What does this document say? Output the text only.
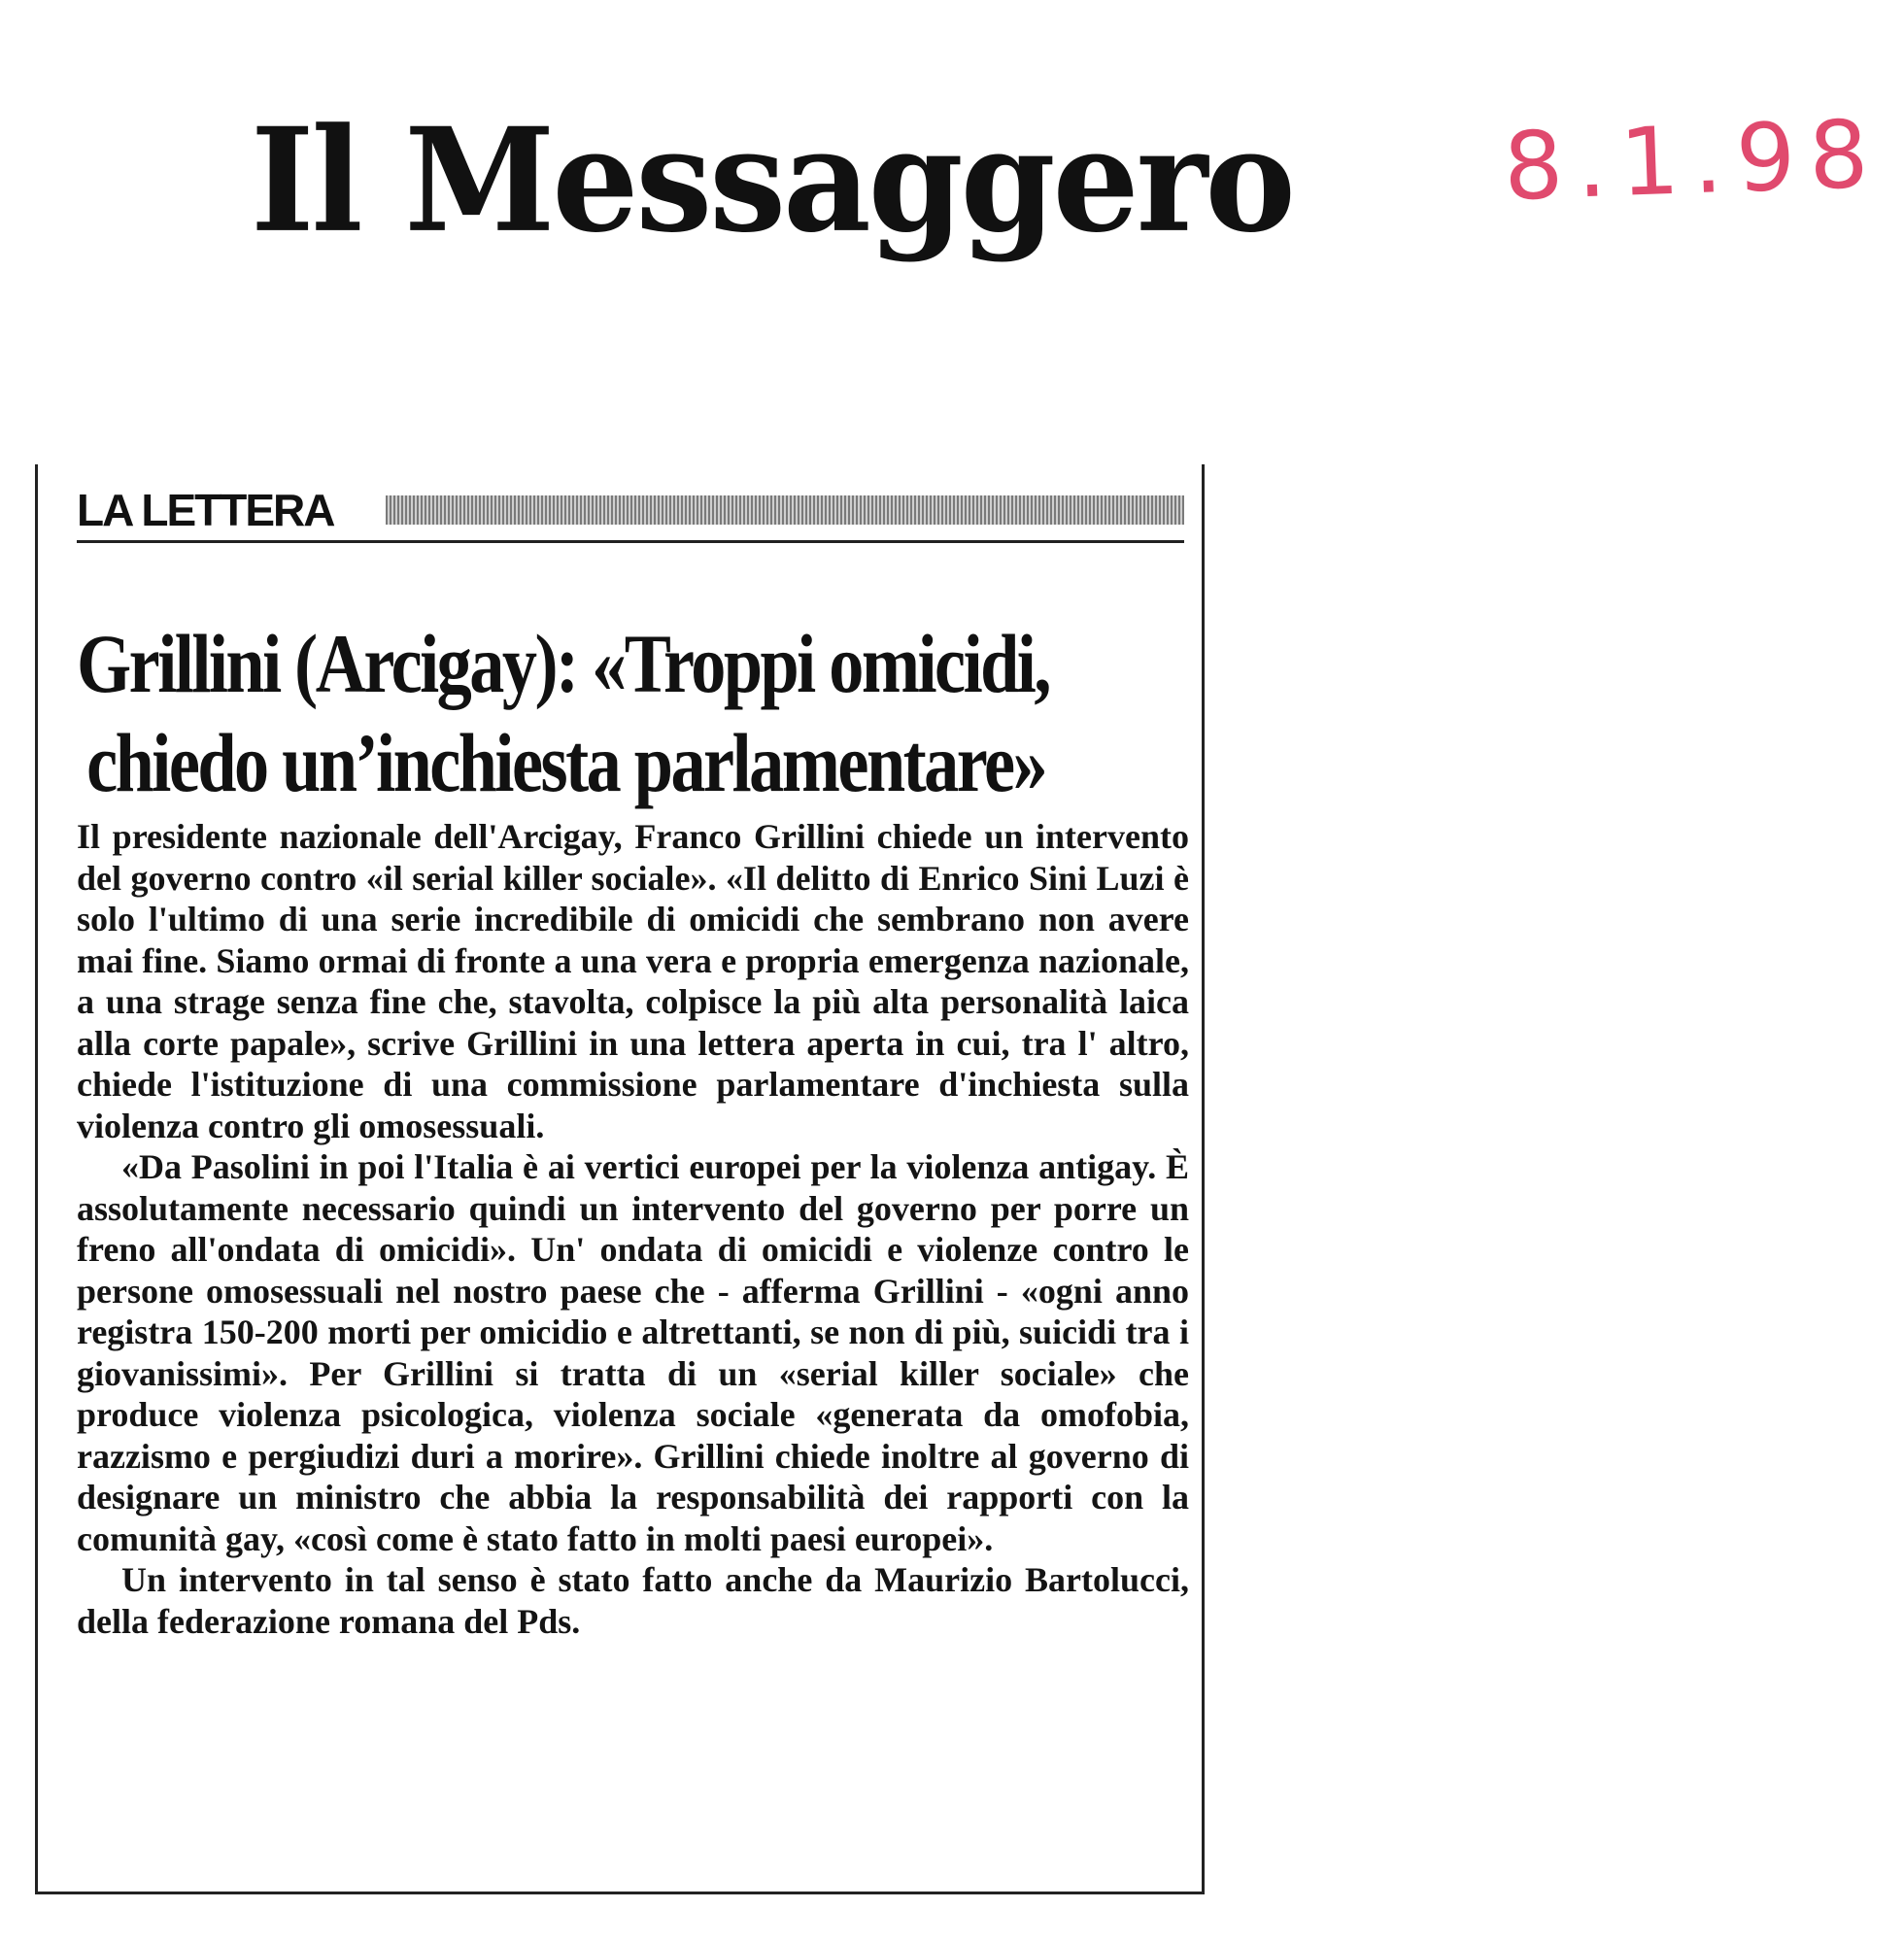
Il Messaggero 8.1.98
LA LETTERA
Grillini (Arcigay): «Troppi omicidi,
chiedo un’inchiesta parlamentare»

Il presidente nazionale dell'Arcigay, Franco Grillini chiede un intervento del governo contro «il serial killer sociale». «Il delitto di Enrico Sini Luzi è solo l'ultimo di una serie incredibile di omicidi che sembrano non avere mai fine. Siamo ormai di fronte a una vera e propria emergenza nazionale, a una strage senza fine che, stavolta, colpisce la più alta personalità laica alla corte papale», scrive Grillini in una lettera aperta in cui, tra l' altro, chiede l'istituzione di una commissione parlamentare d'inchiesta sulla violenza contro gli omosessuali.

«Da Pasolini in poi l'Italia è ai vertici europei per la violenza antigay. È assolutamente necessario quindi un intervento del governo per porre un freno all'ondata di omicidi». Un' ondata di omicidi e violenze contro le persone omosessuali nel nostro paese che - afferma Grillini - «ogni anno registra 150-200 morti per omicidio e altrettanti, se non di più, suicidi tra i giovanissimi». Per Grillini si tratta di un «serial killer sociale» che produce violenza psicologica, violenza sociale «generata da omofobia, razzismo e pergiudizi duri a morire». Grillini chiede inoltre al governo di designare un ministro che abbia la responsabilità dei rapporti con la comunità gay, «così come è stato fatto in molti paesi europei».

Un intervento in tal senso è stato fatto anche da Maurizio Bartolucci, della federazione romana del Pds.
